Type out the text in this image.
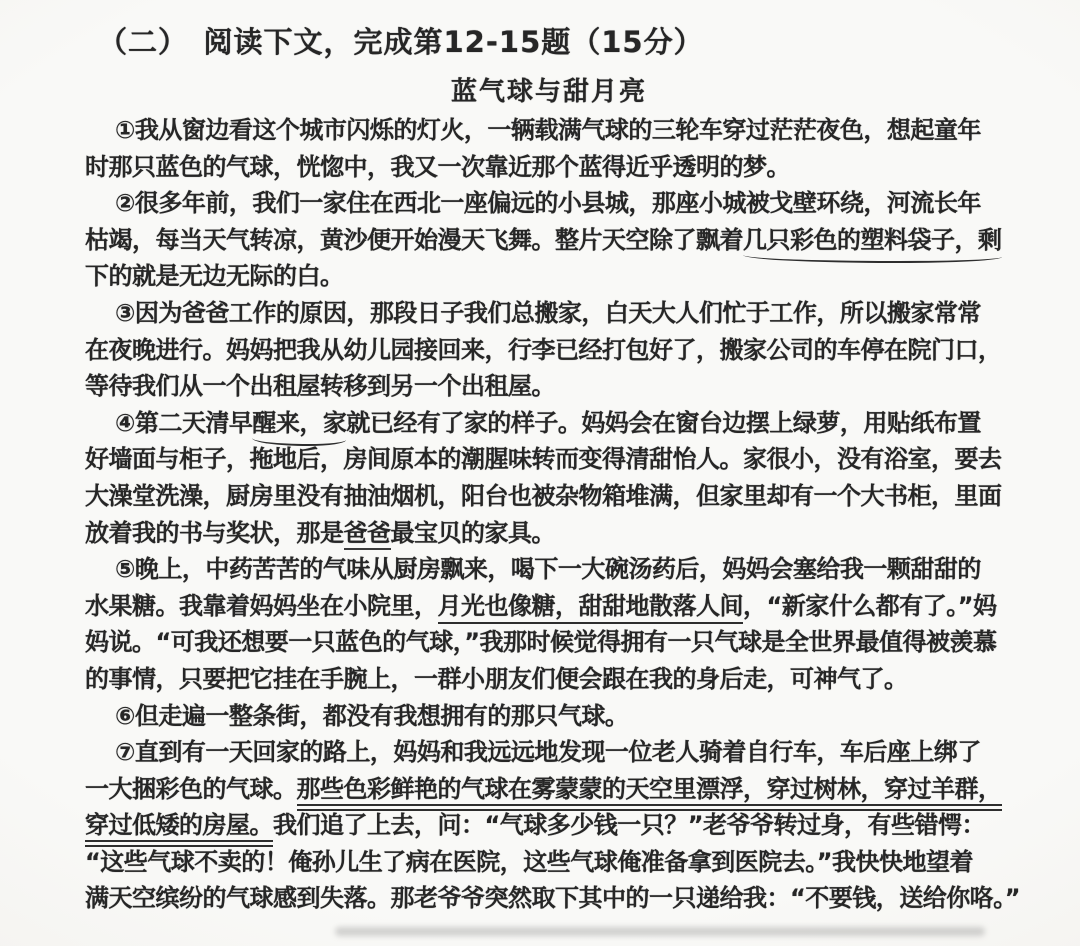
（二）　阅读下文，完成第12-15题（15分）
蓝气球与甜月亮
①我从窗边看这个城市闪烁的灯火，一辆载满气球的三轮车穿过茫茫夜色，想起童年
时那只蓝色的气球，恍惚中，我又一次靠近那个蓝得近乎透明的梦。
②很多年前，我们一家住在西北一座偏远的小县城，那座小城被戈壁环绕，河流长年
枯竭，每当天气转凉，黄沙便开始漫天飞舞。整片天空除了飘着几只彩色的塑料袋子，剩
下的就是无边无际的白。
③因为爸爸工作的原因，那段日子我们总搬家，白天大人们忙于工作，所以搬家常常
在夜晚进行。妈妈把我从幼儿园接回来，行李已经打包好了，搬家公司的车停在院门口，
等待我们从一个出租屋转移到另一个出租屋。
④第二天清早醒来，家就已经有了家的样子。妈妈会在窗台边摆上绿萝，用贴纸布置
好墙面与柜子，拖地后，房间原本的潮腥味转而变得清甜怡人。家很小，没有浴室，要去
大澡堂洗澡，厨房里没有抽油烟机，阳台也被杂物箱堆满，但家里却有一个大书柜，里面
放着我的书与奖状，那是爸爸最宝贝的家具。
⑤晚上，中药苦苦的气味从厨房飘来，喝下一大碗汤药后，妈妈会塞给我一颗甜甜的
水果糖。我靠着妈妈坐在小院里，月光也像糖，甜甜地散落人间，“新家什么都有了。”妈
妈说。“可我还想要一只蓝色的气球，”我那时候觉得拥有一只气球是全世界最值得被羡慕
的事情，只要把它挂在手腕上，一群小朋友们便会跟在我的身后走，可神气了。
⑥但走遍一整条街，都没有我想拥有的那只气球。
⑦直到有一天回家的路上，妈妈和我远远地发现一位老人骑着自行车，车后座上绑了
一大捆彩色的气球。那些色彩鲜艳的气球在雾蒙蒙的天空里漂浮，穿过树林，穿过羊群，
穿过低矮的房屋。我们追了上去，问：“气球多少钱一只？”老爷爷转过身，有些错愕：
“这些气球不卖的！俺孙儿生了病在医院，这些气球俺准备拿到医院去。”我快快地望着
满天空缤纷的气球感到失落。那老爷爷突然取下其中的一只递给我：“不要钱，送给你咯。”
